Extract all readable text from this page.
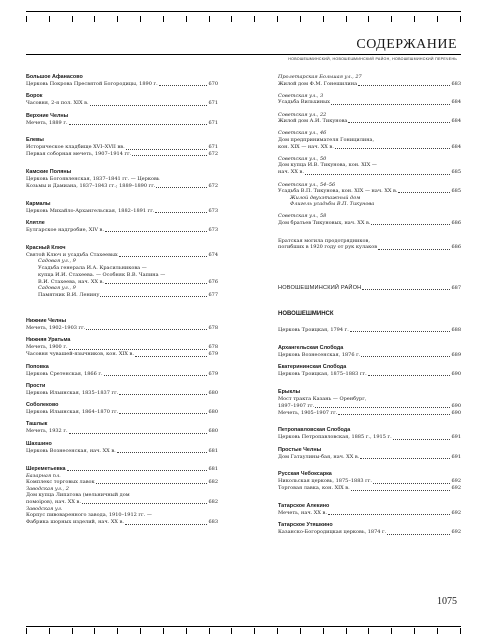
СОДЕРЖАНИЕ
НОВОШЕШМИНСКИЙ, НОВОШЕШМИНСКИЙ РАЙОН, НОВОШЕШМИНСКИЙ ПЕРЕЧЕНЬ
Большое Афанасово
Церковь Покрова Пресвятой Богородицы, 1890 г.	670
Борок
Часовня, 2-я пол. XIX в.	671
Верхние Челны
Мечеть, 1889 г.	671
Елевы
Историческое кладбище XVI–XVII вв.	671
Первая соборная мечеть, 1907–1914 гг.	672
Камские Поляны
Церковь Богоявленская, 1837–1841 гг. — Церковь
Козьмы и Дамиана, 1837–1843 гг.; 1889–1890 гг.	672
Кармалы
Церковь Михайло-Архангельская, 1882–1891 гг.	673
Клятле
Булгарское надгробие, XIV в.	673
Красный Ключ
Святой Ключ и усадьба Стахеевых	674
Садовая ул., 9
Усадьба генерала И.А. Красильникова —
купца И.И. Стахеева. — Особняк В.В. Чапина —
В.И. Стахеева, нач. XX в.	676
Садовая ул., 9
Памятник В.И. Ленину	677
Нижние Челны
Мечеть, 1902–1903 гг.	678
Нижняя Уратьма
Мечеть, 1900 г.	678
Часовня чувашей-язычников, кон. XIX в.	679
Поповка
Церковь Сретенская, 1866 г.	679
Прости
Церковь Ильинская, 1835–1837 гг.	680
Соболеково
Церковь Ильинская, 1864–1870 гг.	680
Ташлык
Мечеть, 1932 г.	680
Шахшино
Церковь Вознесенская, нач. XX в.	681
Шереметьевка	681
Базарная пл.
Комплекс торговых лавок	682
Заводская ул., 2
Дом купца Липатова (мельничный дом
помоіров), нач. XX в.	682
Заводская ул.
Корпус пивоваренного завода, 1910–1912 гг. —
Фабрика шорных изделий, нач. XX в.	683
Пролетарская Большая ул., 27
Жилой дом Ф.М. Гонешилина	683
Советская ул., 3
Усадьба Вильхиных	684
Советская ул., 22
Жилой дом А.И. Тикунова	684
Советская ул., 46
Дом предпринимателя Гоницилина,
кон. XIX — нач. XX в.	684
Советская ул., 50
Дом купца И.В. Тикунова, кон. XIX —
нач. XX в.	685
Советская ул., 54–56
Усадьба В.П. Тикунова, кон. XIX — нач. XX в.	685
Жилой двухэтажный дом
Флигель усадьбы В.П. Тикунова
Советская ул., 58
Дом братьев Тикуновых, нач. XX в.	686
Братская могила продотрядников,
погибших в 1920 году от рук кулаков	686
НОВОШЕШМИНСКИЙ РАЙОН	687
НОВОШЕШМИНСК
Церковь Троицкая, 1794 г.	688
Архангельская Слобода
Церковь Вознесенская, 1876 г.	689
Екатерининская Слобода
Церковь Троицкая, 1875–1883 гг.	690
Ерыклы
Мост тракта Казань — Оренбург,
1897–1907 гг.	690
Мечеть, 1905–1907 гг.	690
Петропавловская Слобода
Церковь Петропавловская, 1885 г., 1915 г.	691
Простые Челны
Дом Гатаулины-бая, нач. XX в.	691
Русская Чебоксарка
Никольская церковь, 1875–1883 гг.	692
Торговая лавка, кон. XIX в.	692
Татарское Алекино
Мечеть, нач. XX в.	692
Татарское Утяшкино
Казанско-Богородицкая церковь, 1874 г.	692
1075
